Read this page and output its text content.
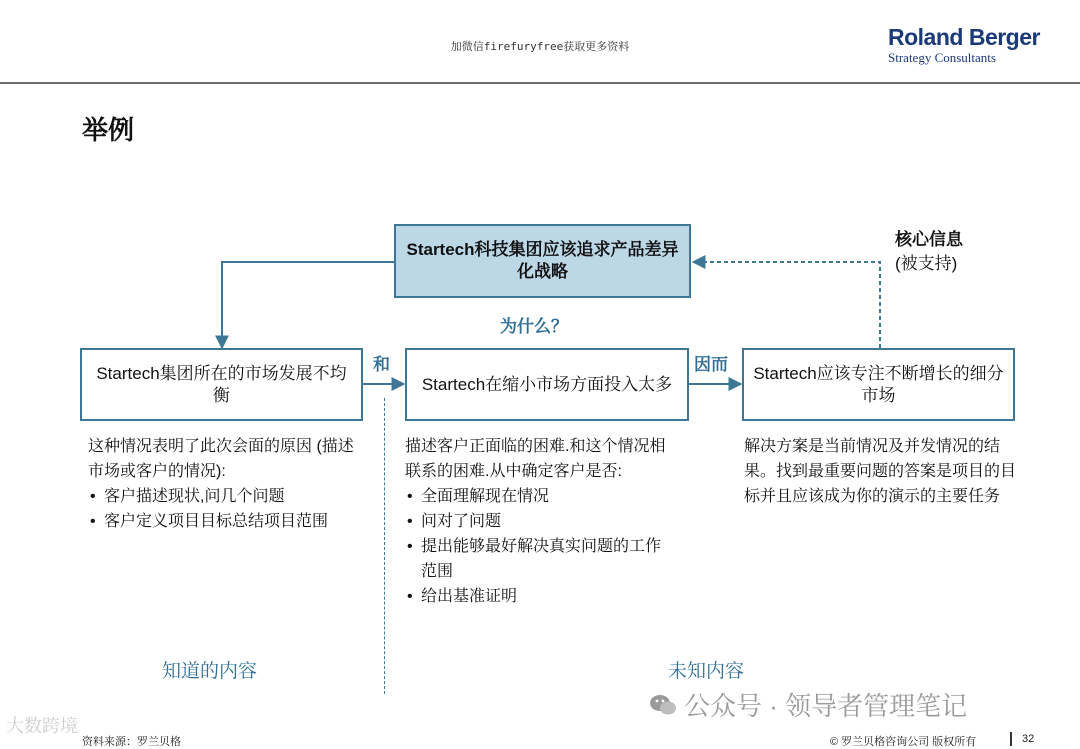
加微信firefuryfree获取更多资料	Roland Berger
Strategy Consultants
举例
Startech科技集团应该追求产品差异化战略
核心信息
(被支持)
为什么？
Startech集团所在的市场发展不均衡
Startech在缩小市场方面投入太多
Startech应该专注不断增长的细分市场
和	因而
这种情况表明了此次会面的原因 (描述市场或客户的情况):
• 客户描述现状,问几个问题
• 客户定义项目目标总结项目范围
描述客户正面临的困难.和这个情况相联系的困难.从中确定客户是否:
• 全面理解现在情况
• 问对了问题
• 提出能够最好解决真实问题的工作范围
• 给出基准证明
解决方案是当前情况及并发情况的结果。找到最重要问题的答案是项目的目标并且应该成为你的演示的主要任务
知道的内容	未知内容
公众号 · 领导者管理笔记
大数跨境
资料来源：罗兰贝格	© 罗兰贝格咨询公司 版权所有	32
